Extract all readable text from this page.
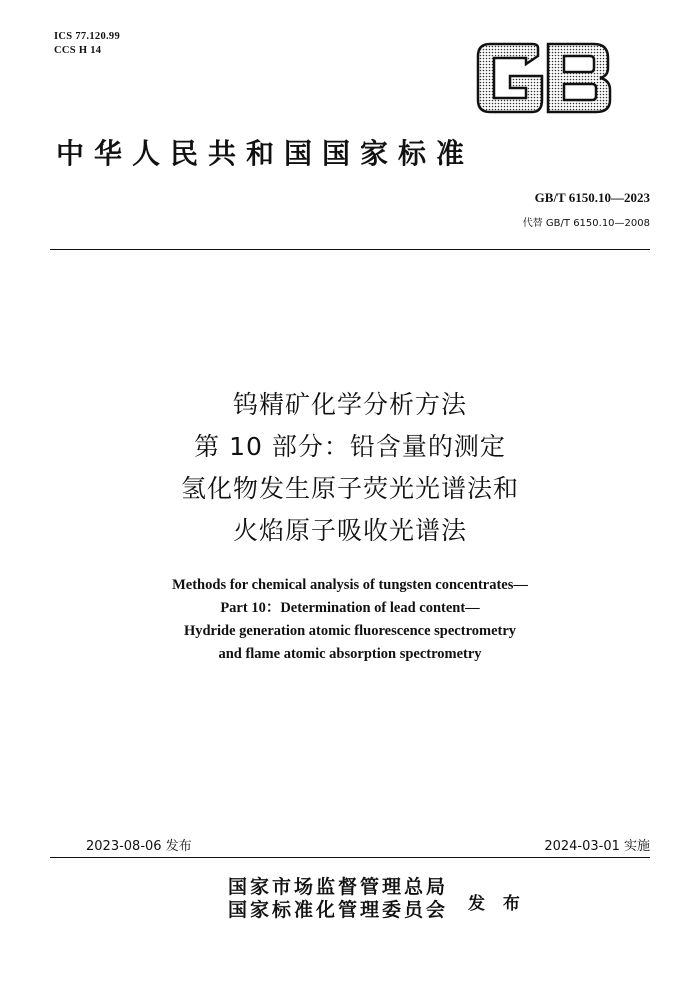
ICS 77.120.99
CCS H 14
中华人民共和国国家标准
GB/T 6150.10—2023
代替 GB/T 6150.10—2008
钨精矿化学分析方法
第 10 部分：铅含量的测定
氢化物发生原子荧光光谱法和
火焰原子吸收光谱法
Methods for chemical analysis of tungsten concentrates—
Part 10：Determination of lead content—
Hydride generation atomic fluorescence spectrometry
and flame atomic absorption spectrometry
2023-08-06 发布	2024-03-01 实施
国家市场监督管理总局
国家标准化管理委员会 发 布
